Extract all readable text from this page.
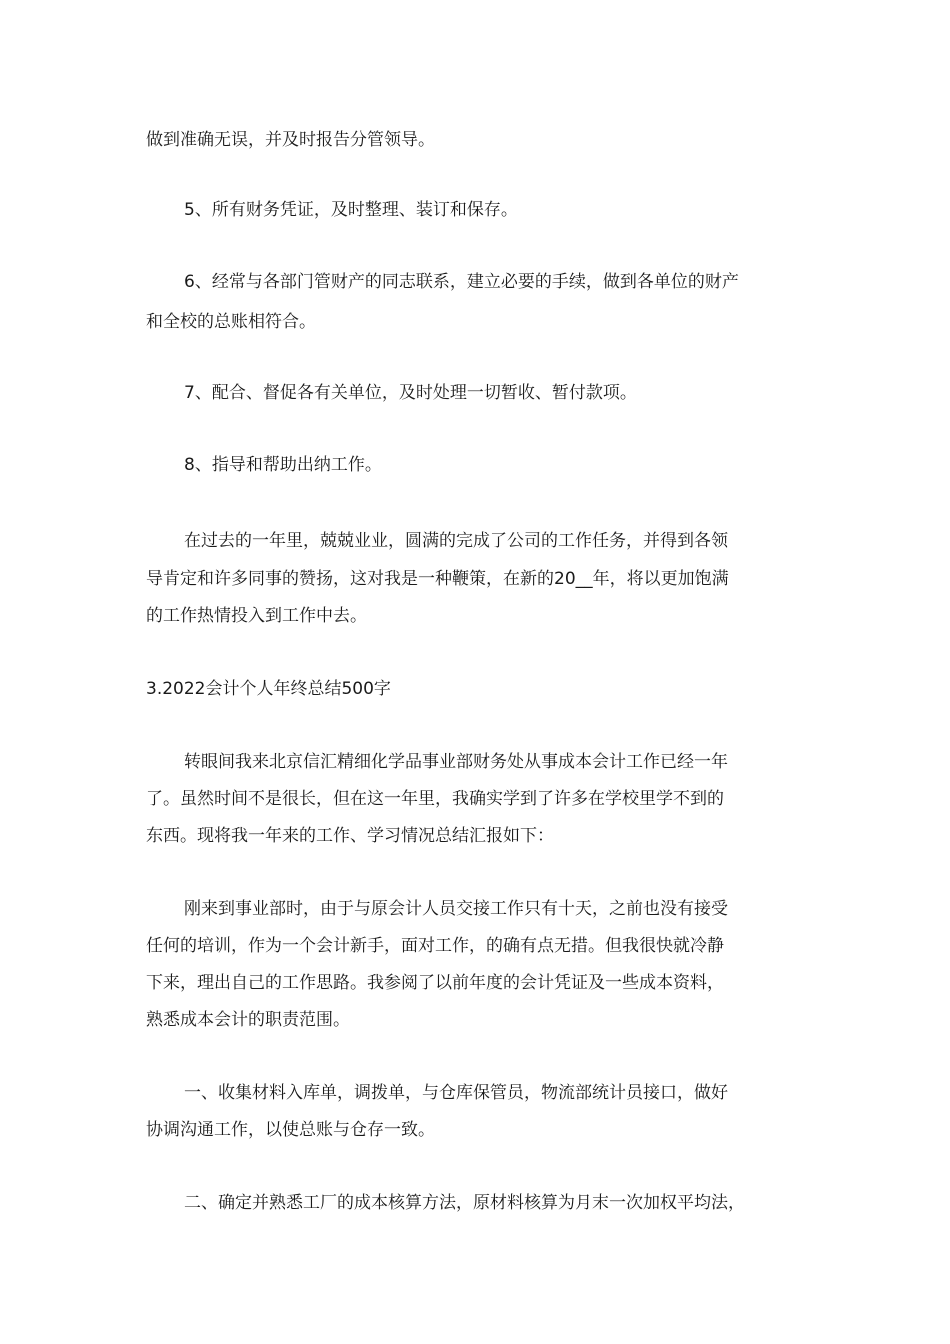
做到准确无误，并及时报告分管领导。
5、所有财务凭证，及时整理、装订和保存。
6、经常与各部门管财产的同志联系，建立必要的手续，做到各单位的财产
和全校的总账相符合。
7、配合、督促各有关单位，及时处理一切暂收、暂付款项。
8、指导和帮助出纳工作。
在过去的一年里，兢兢业业，圆满的完成了公司的工作任务，并得到各领
导肯定和许多同事的赞扬，这对我是一种鞭策，在新的20__年，将以更加饱满
的工作热情投入到工作中去。
3.2022会计个人年终总结500字
转眼间我来北京信汇精细化学品事业部财务处从事成本会计工作已经一年
了。虽然时间不是很长，但在这一年里，我确实学到了许多在学校里学不到的
东西。现将我一年来的工作、学习情况总结汇报如下：
刚来到事业部时，由于与原会计人员交接工作只有十天，之前也没有接受
任何的培训，作为一个会计新手，面对工作，的确有点无措。但我很快就冷静
下来，理出自己的工作思路。我参阅了以前年度的会计凭证及一些成本资料，
熟悉成本会计的职责范围。
一、收集材料入库单，调拨单，与仓库保管员，物流部统计员接口，做好
协调沟通工作，以使总账与仓存一致。
二、确定并熟悉工厂的成本核算方法，原材料核算为月末一次加权平均法，
